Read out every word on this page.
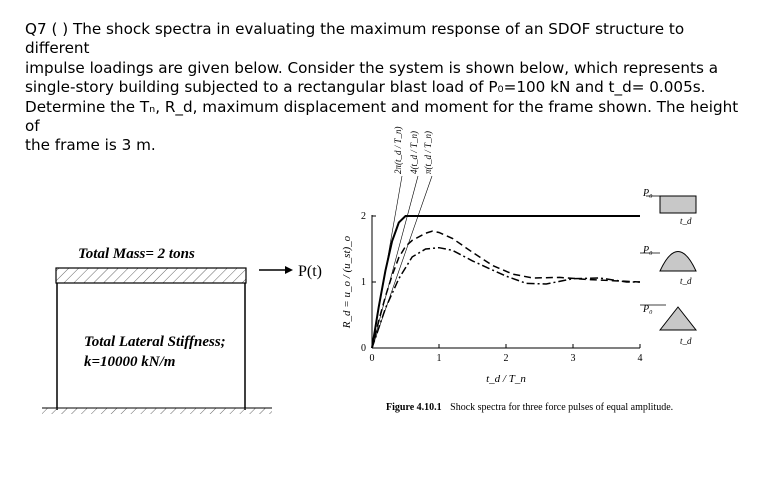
Q7 ( ) The shock spectra in evaluating the maximum response of an SDOF structure to different
impulse loadings are given below. Consider the system is shown below, which represents a
single-story building subjected to a rectangular blast load of P₀=100 kN and t_d= 0.005s.
Determine the Tₙ, R_d, maximum displacement and moment for the frame shown. The height of
the frame is 3 m.
Total Mass= 2 tons
Total Lateral Stiffness;
k=10000 kN/m
P(t)
0	1	2	3	4
0
1
2
R_d = u_o / (u_st)_o
t_d / T_n
2π(t_d / T_n) 4(t_d / T_n) π(t_d / T_n)
P₀
t_d
P₀
t_d
P₀
t_d
Figure 4.10.1 Shock spectra for three force pulses of equal amplitude.
